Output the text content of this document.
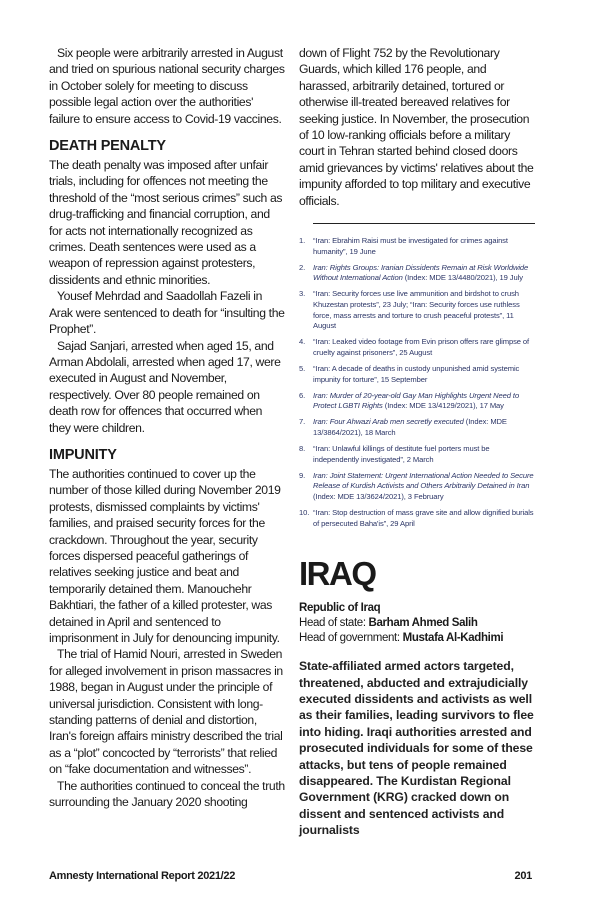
Six people were arbitrarily arrested in August and tried on spurious national security charges in October solely for meeting to discuss possible legal action over the authorities' failure to ensure access to Covid-19 vaccines.

DEATH PENALTY

The death penalty was imposed after unfair trials, including for offences not meeting the threshold of the “most serious crimes” such as drug-trafficking and financial corruption, and for acts not internationally recognized as crimes. Death sentences were used as a weapon of repression against protesters, dissidents and ethnic minorities.

Yousef Mehrdad and Saadollah Fazeli in Arak were sentenced to death for “insulting the Prophet”.

Sajad Sanjari, arrested when aged 15, and Arman Abdolali, arrested when aged 17, were executed in August and November, respectively. Over 80 people remained on death row for offences that occurred when they were children.

IMPUNITY

The authorities continued to cover up the number of those killed during November 2019 protests, dismissed complaints by victims' families, and praised security forces for the crackdown. Throughout the year, security forces dispersed peaceful gatherings of relatives seeking justice and beat and temporarily detained them. Manouchehr Bakhtiari, the father of a killed protester, was detained in April and sentenced to imprisonment in July for denouncing impunity.

The trial of Hamid Nouri, arrested in Sweden for alleged involvement in prison massacres in 1988, began in August under the principle of universal jurisdiction. Consistent with long-standing patterns of denial and distortion, Iran's foreign affairs ministry described the trial as a “plot” concocted by “terrorists” that relied on “fake documentation and witnesses”.

The authorities continued to conceal the truth surrounding the January 2020 shooting

down of Flight 752 by the Revolutionary Guards, which killed 176 people, and harassed, arbitrarily detained, tortured or otherwise ill-treated bereaved relatives for seeking justice. In November, the prosecution of 10 low-ranking officials before a military court in Tehran started behind closed doors amid grievances by victims' relatives about the impunity afforded to top military and executive officials.

1. “Iran: Ebrahim Raisi must be investigated for crimes against humanity”, 19 June
2. Iran: Rights Groups: Iranian Dissidents Remain at Risk Worldwide Without International Action (Index: MDE 13/4480/2021), 19 July
3. “Iran: Security forces use live ammunition and birdshot to crush Khuzestan protests”, 23 July; “Iran: Security forces use ruthless force, mass arrests and torture to crush peaceful protests”, 11 August
4. “Iran: Leaked video footage from Evin prison offers rare glimpse of cruelty against prisoners”, 25 August
5. “Iran: A decade of deaths in custody unpunished amid systemic impunity for torture”, 15 September
6. Iran: Murder of 20-year-old Gay Man Highlights Urgent Need to Protect LGBTI Rights (Index: MDE 13/4129/2021), 17 May
7. Iran: Four Ahwazi Arab men secretly executed (Index: MDE 13/3864/2021), 18 March
8. “Iran: Unlawful killings of destitute fuel porters must be independently investigated”, 2 March
9. Iran: Joint Statement: Urgent International Action Needed to Secure Release of Kurdish Activists and Others Arbitrarily Detained in Iran (Index: MDE 13/3624/2021), 3 February
10. “Iran: Stop destruction of mass grave site and allow dignified burials of persecuted Baha'is”, 29 April
IRAQ
Republic of Iraq
Head of state: Barham Ahmed Salih
Head of government: Mustafa Al-Kadhimi

State-affiliated armed actors targeted, threatened, abducted and extrajudicially executed dissidents and activists as well as their families, leading survivors to flee into hiding. Iraqi authorities arrested and prosecuted individuals for some of these attacks, but tens of people remained disappeared. The Kurdistan Regional Government (KRG) cracked down on dissent and sentenced activists and journalists

Amnesty International Report 2021/22	201
